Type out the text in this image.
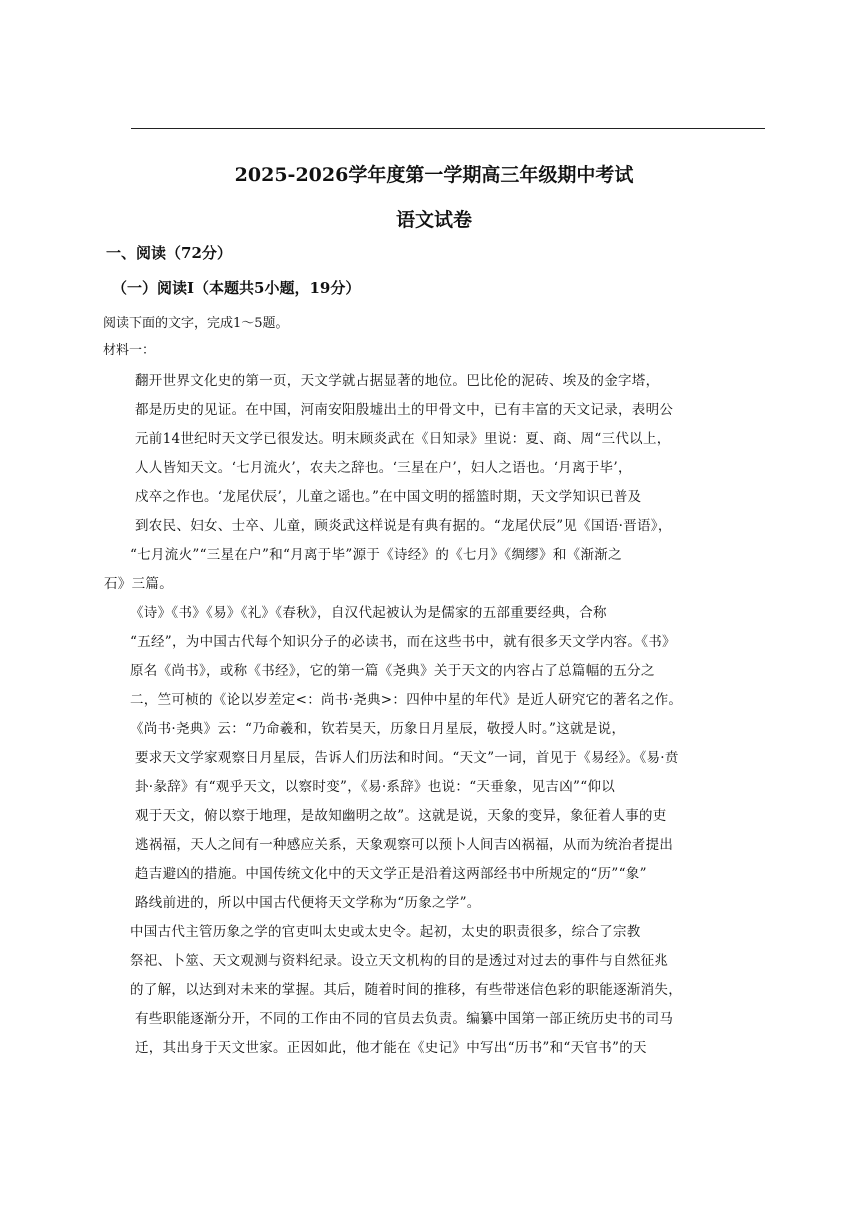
2025-2026学年度第一学期高三年级期中考试
语文试卷
一、阅读（72分）
（一）阅读Ⅰ（本题共5小题，19分）
阅读下面的文字，完成1～5题。
材料一：
翻开世界文化史的第一页，天文学就占据显著的地位。巴比伦的泥砖、埃及的金字塔，
都是历史的见证。在中国，河南安阳殷墟出土的甲骨文中，已有丰富的天文记录，表明公
元前14世纪时天文学已很发达。明末顾炎武在《日知录》里说：夏、商、周“三代以上，
人人皆知天文。‘七月流火’，农夫之辞也。‘三星在户’，妇人之语也。‘月离于毕’，
戍卒之作也。‘龙尾伏辰’，儿童之谣也。”在中国文明的摇篮时期，天文学知识已普及
到农民、妇女、士卒、儿童，顾炎武这样说是有典有据的。“龙尾伏辰”见《国语·晋语》，
“七月流火”“三星在户”和“月离于毕”源于《诗经》的《七月》《绸缪》和《渐渐之
石》三篇。
《诗》《书》《易》《礼》《春秋》，自汉代起被认为是儒家的五部重要经典，合称
“五经”，为中国古代每个知识分子的必读书，而在这些书中，就有很多天文学内容。《书》
原名《尚书》，或称《书经》，它的第一篇《尧典》关于天文的内容占了总篇幅的五分之
二，竺可桢的《论以岁差定<：尚书·尧典>：四仲中星的年代》是近人研究它的著名之作。
《尚书·尧典》云：“乃命羲和，钦若昊天，历象日月星辰，敬授人时。”这就是说，
要求天文学家观察日月星辰，告诉人们历法和时间。“天文”一词，首见于《易经》。《易·贲
卦·彖辞》有“观乎天文，以察时变”，《易·系辞》也说：“天垂象，见吉凶”“仰以
观于天文，俯以察于地理，是故知幽明之故”。这就是说，天象的变异，象征着人事的吏
逃祸福，天人之间有一种感应关系，天象观察可以预卜人间吉凶祸福，从而为统治者提出
趋吉避凶的措施。中国传统文化中的天文学正是沿着这两部经书中所规定的“历”“象”
路线前进的，所以中国古代便将天文学称为“历象之学”。
中国古代主管历象之学的官吏叫太史或太史令。起初，太史的职责很多，综合了宗教
祭祀、卜筮、天文观测与资料纪录。设立天文机构的目的是透过对过去的事件与自然征兆
的了解，以达到对未来的掌握。其后，随着时间的推移，有些带迷信色彩的职能逐渐消失，
有些职能逐渐分开，不同的工作由不同的官员去负责。编纂中国第一部正统历史书的司马
迁，其出身于天文世家。正因如此，他才能在《史记》中写出“历书”和“天官书”的天
